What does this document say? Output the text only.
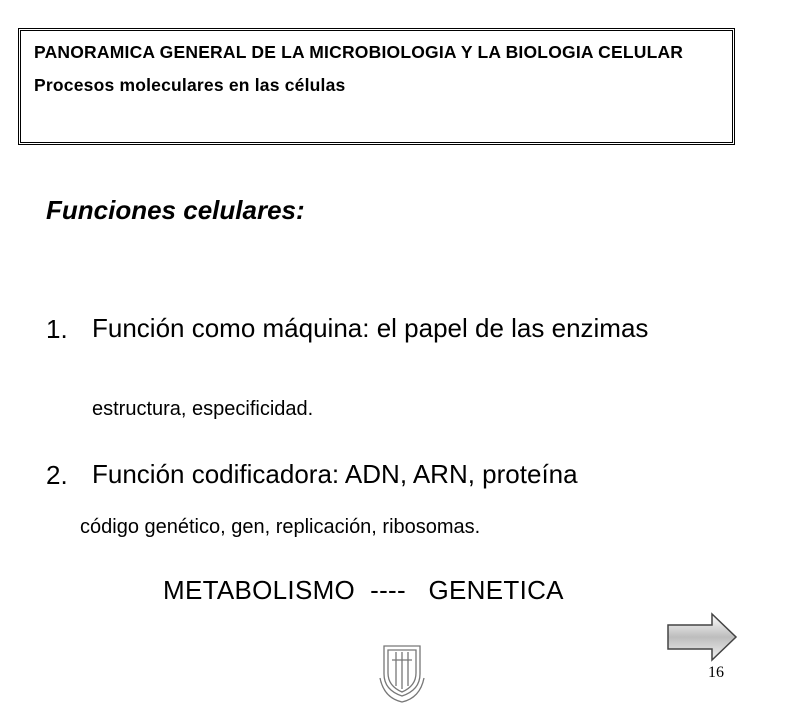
PANORAMICA GENERAL DE LA MICROBIOLOGIA Y LA BIOLOGIA CELULAR
Procesos moleculares en las células
Funciones celulares:
1. Función como máquina: el papel de las enzimas
estructura, especificidad.
2. Función codificadora: ADN, ARN, proteína
código genético, gen, replicación, ribosomas.
METABOLISMO  ----   GENETICA
16
